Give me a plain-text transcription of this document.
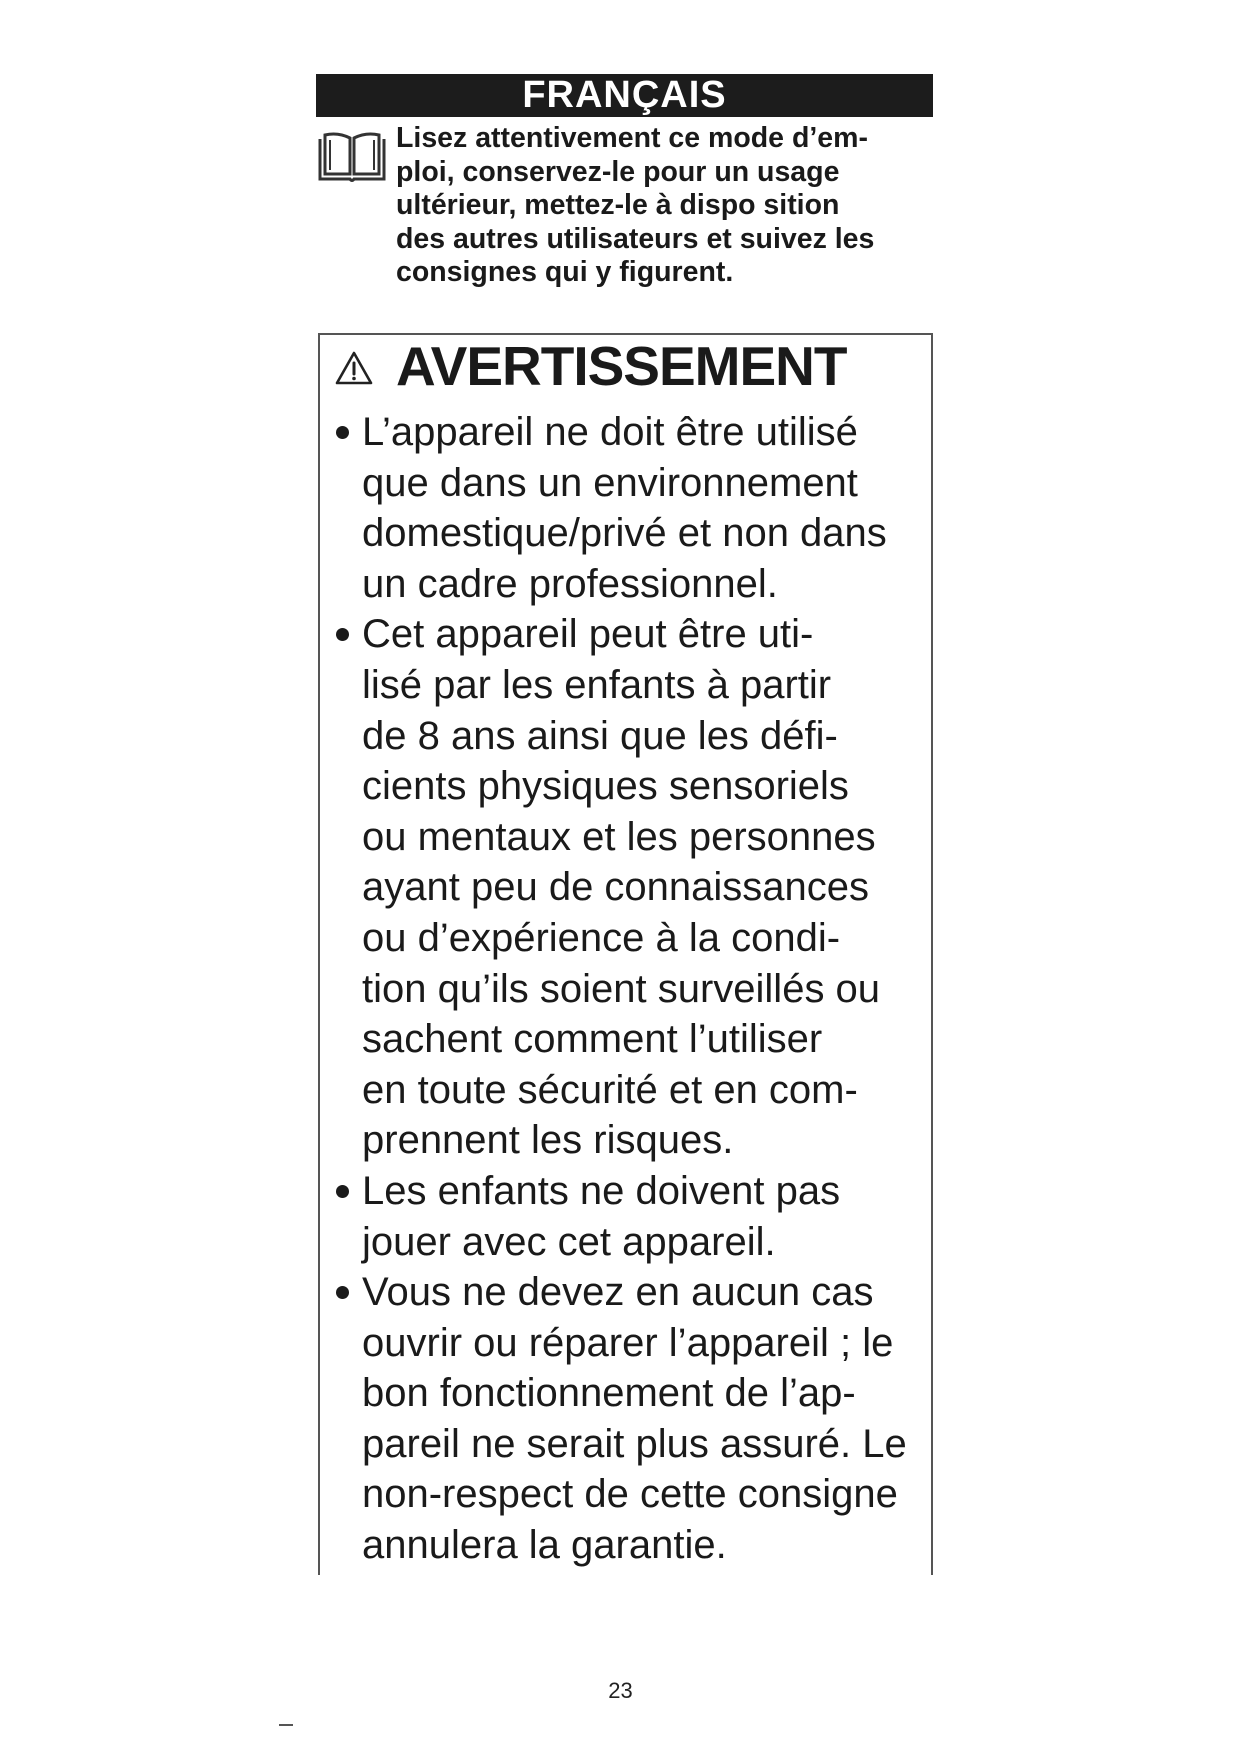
FRANÇAIS
Lisez attentivement ce mode d’em-
ploi, conservez-le pour un usage
ultérieur, mettez-le à dispo sition
des autres utilisateurs et suivez les
consignes qui y figurent.
AVERTISSEMENT
L’appareil ne doit être utilisé
que dans un environnement
domestique/privé et non dans
un cadre professionnel.
Cet appareil peut être uti-
lisé par les enfants à partir
de 8 ans ainsi que les défi-
cients physiques sensoriels
ou mentaux et les personnes
ayant peu de connaissances
ou d’expérience à la condi-
tion qu’ils soient surveillés ou
sachent comment l’utiliser
en toute sécurité et en com-
prennent les risques.
Les enfants ne doivent pas
jouer avec cet appareil.
Vous ne devez en aucun cas
ouvrir ou réparer l’appareil ; le
bon fonctionnement de l’ap-
pareil ne serait plus assuré. Le
non-respect de cette consigne
annulera la garantie.
23
